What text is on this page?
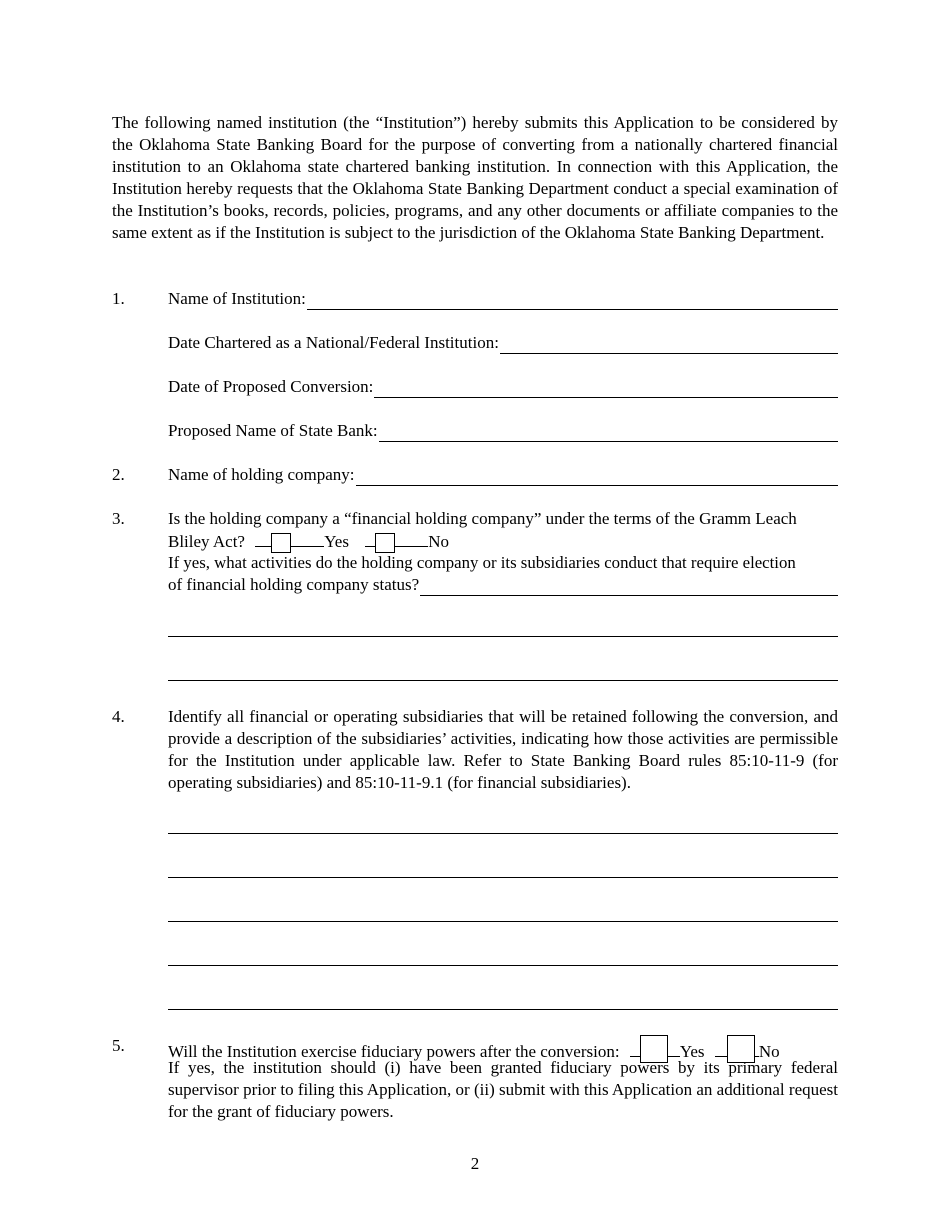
The following named institution (the “Institution”) hereby submits this Application to be considered by the Oklahoma State Banking Board for the purpose of converting from a nationally chartered financial institution to an Oklahoma state chartered banking institution. In connection with this Application, the Institution hereby requests that the Oklahoma State Banking Department conduct a special examination of the Institution’s books, records, policies, programs, and any other documents or affiliate companies to the same extent as if the Institution is subject to the jurisdiction of the Oklahoma State Banking Department.
1.	Name of Institution:
Date Chartered as a National/Federal Institution:
Date of Proposed Conversion:
Proposed Name of State Bank:
2.	Name of holding company:
3.	Is the holding company a “financial holding company” under the terms of the Gramm Leach
Bliley Act?	Yes	No
If yes, what activities do the holding company or its subsidiaries conduct that require election
of financial holding company status?
4.	Identify all financial or operating subsidiaries that will be retained following the conversion, and provide a description of the subsidiaries’ activities, indicating how those activities are permissible for the Institution under applicable law. Refer to State Banking Board rules 85:10-11-9 (for operating subsidiaries) and 85:10-11-9.1 (for financial subsidiaries).
5.	Will the Institution exercise fiduciary powers after the conversion:	Yes	No
If yes, the institution should (i) have been granted fiduciary powers by its primary federal supervisor prior to filing this Application, or (ii) submit with this Application an additional request for the grant of fiduciary powers.
2
